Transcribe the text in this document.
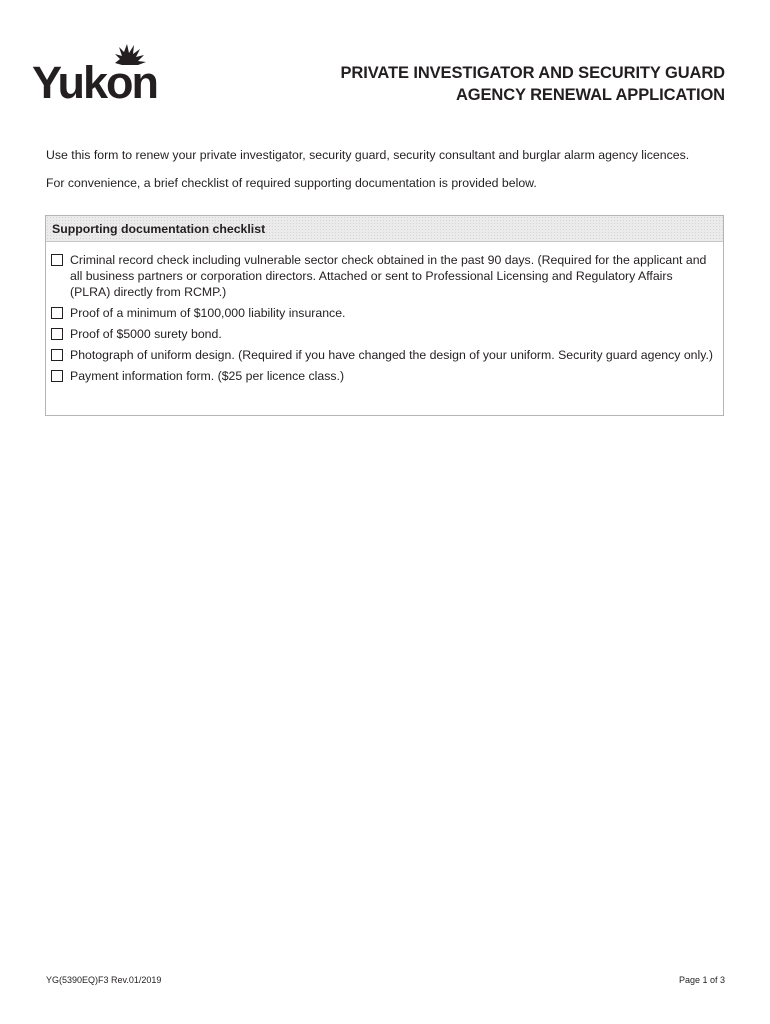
Yukon	PRIVATE INVESTIGATOR AND SECURITY GUARD
AGENCY RENEWAL APPLICATION
Use this form to renew your private investigator, security guard, security consultant and burglar alarm agency licences.
For convenience, a brief checklist of required supporting documentation is provided below.
Supporting documentation checklist
Criminal record check including vulnerable sector check obtained in the past 90 days. (Required for the applicant and all business partners or corporation directors. Attached or sent to Professional Licensing and Regulatory Affairs (PLRA) directly from RCMP.)
Proof of a minimum of $100,000 liability insurance.
Proof of $5000 surety bond.
Photograph of uniform design. (Required if you have changed the design of your uniform. Security guard agency only.)
Payment information form. ($25 per licence class.)
YG(5390EQ)F3 Rev.01/2019	Page 1 of 3
